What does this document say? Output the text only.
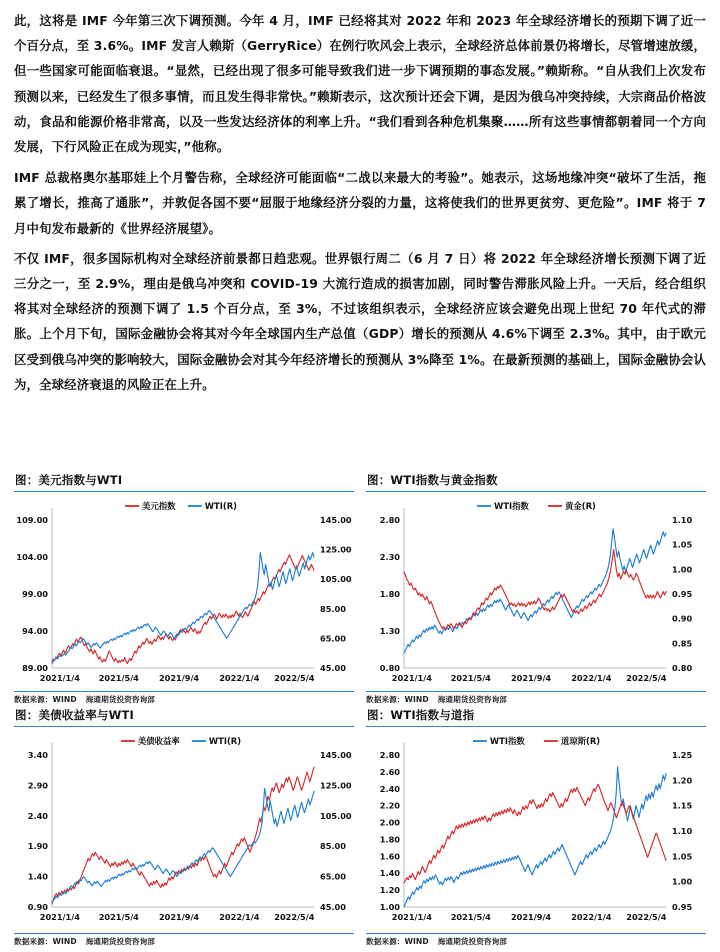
此，这将是 IMF 今年第三次下调预测。今年 4 月，IMF 已经将其对 2022 年和 2023 年全球经济增长的预期下调了近一个百分点，至 3.6%。IMF 发言人赖斯（GerryRice）在例行吹风会上表示，全球经济总体前景仍将增长，尽管增速放缓，但一些国家可能面临衰退。“显然，已经出现了很多可能导致我们进一步下调预期的事态发展。”赖斯称。“自从我们上次发布预测以来，已经发生了很多事情，而且发生得非常快。”赖斯表示，这次预计还会下调，是因为俄乌冲突持续，大宗商品价格波动，食品和能源价格非常高，以及一些发达经济体的利率上升。“我们看到各种危机集聚……所有这些事情都朝着同一个方向发展，下行风险正在成为现实，”他称。

IMF 总裁格奥尔基耶娃上个月警告称，全球经济可能面临“二战以来最大的考验”。她表示，这场地缘冲突“破坏了生活，拖累了增长，推高了通胀”，并敦促各国不要“屈服于地缘经济分裂的力量，这将使我们的世界更贫穷、更危险”。IMF 将于 7 月中旬发布最新的《世界经济展望》。

不仅 IMF，很多国际机构对全球经济前景都日趋悲观。世界银行周二（6 月 7 日）将 2022 年全球经济增长预测下调了近三分之一，至 2.9%，理由是俄乌冲突和 COVID-19 大流行造成的损害加剧，同时警告滞胀风险上升。一天后，经合组织将其对全球经济的预测下调了 1.5 个百分点，至 3%，不过该组织表示，全球经济应该会避免出现上世纪 70 年代式的滞胀。上个月下旬，国际金融协会将其对今年全球国内生产总值（GDP）增长的预测从 4.6%下调至 2.3%。其中，由于欧元区受到俄乌冲突的影响较大，国际金融协会对其今年经济增长的预测从 3%降至 1%。在最新预测的基础上，国际金融协会认为，全球经济衰退的风险正在上升。

图：美元指数与WTI
89.00
94.00
99.00
104.00
109.00
45.00
65.00
85.00
105.00
125.00
145.00
2021/1/4 2021/5/4 2021/9/4 2022/1/4 2022/5/4
美元指数	WTI(R)
数据来源：WIND 海通期货投资咨询部
图：WTI指数与黄金指数
0.80
1.30
1.80
2.30
2.80
0.80
0.85
0.90
0.95
1.00
1.05
1.10
2021/1/4 2021/5/4 2021/9/4 2022/1/4 2022/5/4
WTI指数	黄金(R)
数据来源：WIND 海通期货投资咨询部
图：美债收益率与WTI
0.90
1.40
1.90
2.40
2.90
3.40
45.00
65.00
85.00
105.00
125.00
145.00
2021/1/4 2021/5/4 2021/9/4 2022/1/4 2022/5/4
美债收益率	WTI(R)
数据来源：WIND 海通期货投资咨询部
图：WTI指数与道指
1.00
1.20
1.40
1.60
1.80
2.00
2.20
2.40
2.60
2.80
0.95
1.00
1.05
1.10
1.15
1.20
1.25
2021/1/4 2021/5/4 2021/9/4 2022/1/4 2022/5/4
WTI指数	道琼斯(R)
数据来源：WIND 海通期货投资咨询部
